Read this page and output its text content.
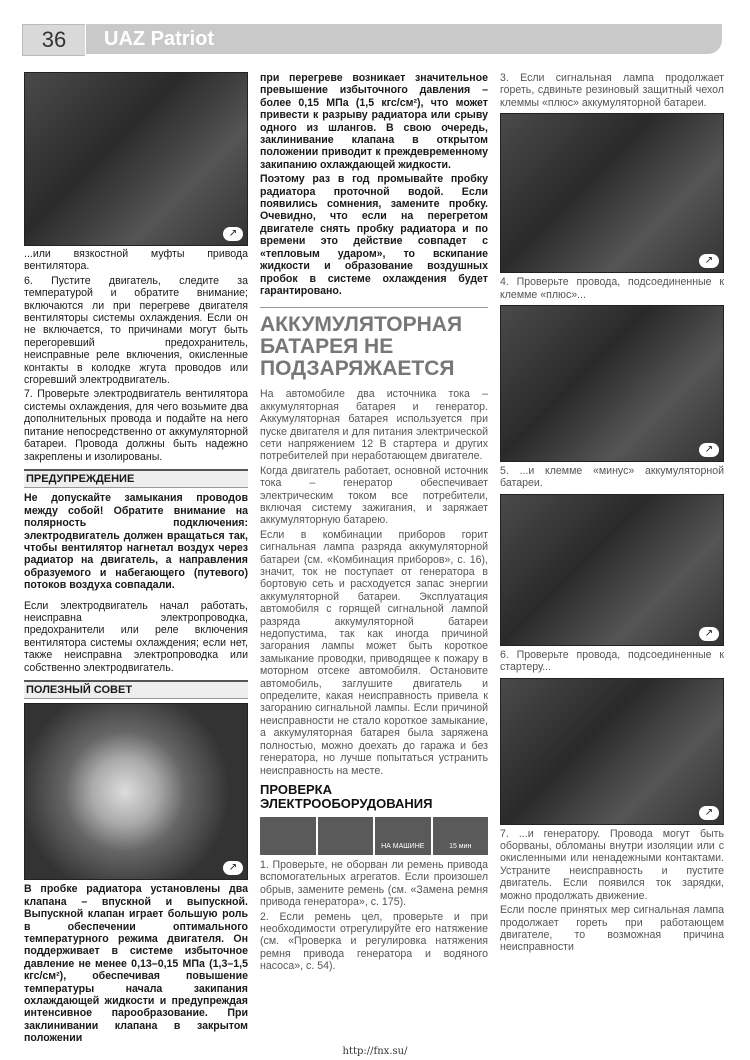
36	UAZ Patriot
↗

...или вязкостной муфты привода вентилятора.

6. Пустите двигатель, следите за температурой и обратите внимание; включаются ли при перегреве двигателя вентиляторы системы охлаждения. Если он не включается, то причинами могут быть перегоревший предохранитель, неисправные реле включения, окисленные контакты в колодке жгута проводов или сгоревший электродвигатель.

7. Проверьте электродвигатель вентилятора системы охлаждения, для чего возьмите два дополнительных провода и подайте на него питание непосредственно от аккумуляторной батареи. Провода должны быть надежно закреплены и изолированы.

ПРЕДУПРЕЖДЕНИЕ

Не допускайте замыкания проводов между собой! Обратите внимание на полярность подключения: электродвигатель должен вращаться так, чтобы вентилятор нагнетал воздух через радиатор на двигатель, а направления образуемого и набегающего (путевого) потоков воздуха совпадали.

Если электродвигатель начал работать, неисправна электропроводка, предохранители или реле включения вентилятора системы охлаждения; если нет, также неисправна электропроводка или собственно электродвигатель.

ПОЛЕЗНЫЙ СОВЕТ
↗

В пробке радиатора установлены два клапана – впускной и выпускной. Выпускной клапан играет большую роль в обеспечении оптимального температурного режима двигателя. Он поддерживает в системе избыточное давление не менее 0,13–0,15 МПа (1,3–1,5 кгс/см²), обеспечивая повышение температуры начала закипания охлаждающей жидкости и предупреждая интенсивное парообразование. При заклинивании клапана в закрытом положении

при перегреве возникает значительное превышение избыточного давления – более 0,15 МПа (1,5 кгс/см²), что может привести к разрыву радиатора или срыву одного из шлангов. В свою очередь, заклинивание клапана в открытом положении приводит к преждевременному закипанию охлаждающей жидкости.

Поэтому раз в год промывайте пробку радиатора проточной водой. Если появились сомнения, замените пробку. Очевидно, что если на перегретом двигателе снять пробку радиатора и по времени это действие совпадет с «тепловым ударом», то вскипание жидкости и образование воздушных пробок в системе охлаждения будет гарантировано.

АККУМУЛЯТОРНАЯ БАТАРЕЯ НЕ ПОДЗАРЯЖАЕТСЯ

На автомобиле два источника тока – аккумуляторная батарея и генератор. Аккумуляторная батарея используется при пуске двигателя и для питания электрической сети напряжением 12 В стартера и других потребителей при неработающем двигателе.

Когда двигатель работает, основной источник тока – генератор обеспечивает электрическим током все потребители, включая систему зажигания, и заряжает аккумуляторную батарею.

Если в комбинации приборов горит сигнальная лампа разряда аккумуляторной батареи (см. «Комбинация приборов», с. 16), значит, ток не поступает от генератора в бортовую сеть и расходуется запас энергии аккумуляторной батареи. Эксплуатация автомобиля с горящей сигнальной лампой разряда аккумуляторной батареи недопустима, так как иногда причиной загорания лампы может быть короткое замыкание проводки, приводящее к пожару в моторном отсеке автомобиля. Остановите автомобиль, заглушите двигатель и определите, какая неисправность привела к загоранию сигнальной лампы. Если причиной неисправности не стало короткое замыкание, а аккумуляторная батарея была заряжена полностью, можно доехать до гаража и без генератора, но лучше попытаться устранить неисправность на месте.

ПРОВЕРКА ЭЛЕКТРООБОРУДОВАНИЯ
НА МАШИНЕ	15 мин

1. Проверьте, не оборван ли ремень привода вспомогательных агрегатов. Если произошел обрыв, замените ремень (см. «Замена ремня привода генератора», с. 175).

2. Если ремень цел, проверьте и при необходимости отрегулируйте его натяжение (см. «Проверка и регулировка натяжения ремня привода генератора и водяного насоса», с. 54).

3. Если сигнальная лампа продолжает гореть, сдвиньте резиновый защитный чехол клеммы «плюс» аккумуляторной батареи.

↗

4. Проверьте провода, подсоединенные к клемме «плюс»...

↗

5. ...и клемме «минус» аккумуляторной батареи.

↗

6. Проверьте провода, подсоединенные к стартеру...

↗

7. ...и генератору. Провода могут быть оборваны, обломаны внутри изоляции или с окисленными или ненадежными контактами. Устраните неисправность и пустите двигатель. Если появился ток зарядки, можно продолжать движение.

Если после принятых мер сигнальная лампа продолжает гореть при работающем двигателе, то возможная причина неисправности

http://fnx.su/
